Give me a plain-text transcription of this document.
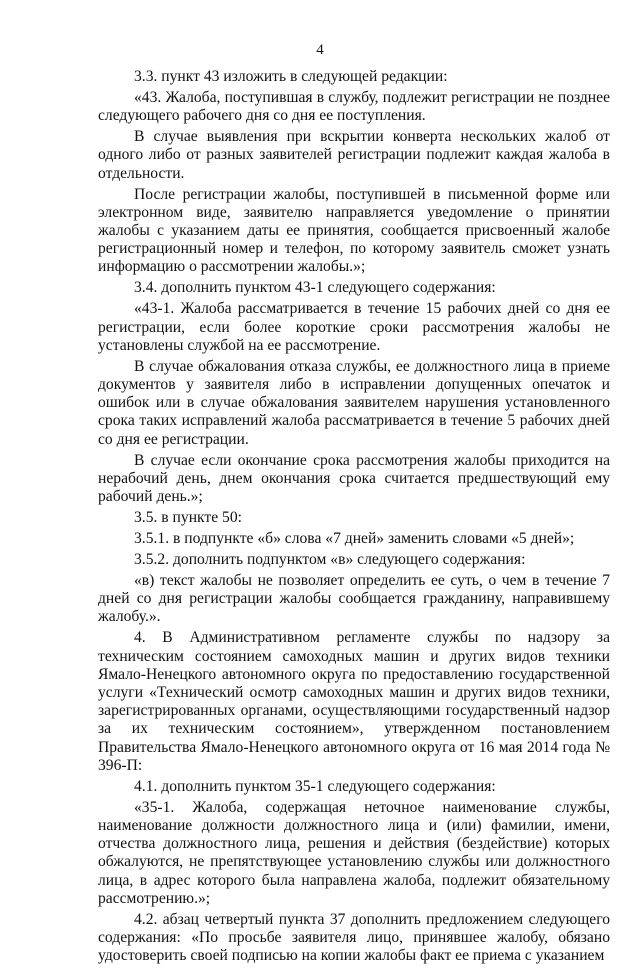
4

3.3. пункт 43 изложить в следующей редакции:

«43. Жалоба, поступившая в службу, подлежит регистрации не позднее следующего рабочего дня со дня ее поступления.

В случае выявления при вскрытии конверта нескольких жалоб от одного либо от разных заявителей регистрации подлежит каждая жалоба в отдельности.

После регистрации жалобы, поступившей в письменной форме или электронном виде, заявителю направляется уведомление о принятии жалобы с указанием даты ее принятия, сообщается присвоенный жалобе регистрационный номер и телефон, по которому заявитель сможет узнать информацию о рассмотрении жалобы.»;

3.4. дополнить пунктом 43-1 следующего содержания:

«43-1. Жалоба рассматривается в течение 15 рабочих дней со дня ее регистрации, если более короткие сроки рассмотрения жалобы не установлены службой на ее рассмотрение.

В случае обжалования отказа службы, ее должностного лица в приеме документов у заявителя либо в исправлении допущенных опечаток и ошибок или в случае обжалования заявителем нарушения установленного срока таких исправлений жалоба рассматривается в течение 5 рабочих дней со дня ее регистрации.

В случае если окончание срока рассмотрения жалобы приходится на нерабочий день, днем окончания срока считается предшествующий ему рабочий день.»;

3.5. в пункте 50:

3.5.1. в подпункте «б» слова «7 дней» заменить словами «5 дней»;

3.5.2. дополнить подпунктом «в» следующего содержания:

«в) текст жалобы не позволяет определить ее суть, о чем в течение 7 дней со дня регистрации жалобы сообщается гражданину, направившему жалобу.».

4. В Административном регламенте службы по надзору за техническим состоянием самоходных машин и других видов техники Ямало-Ненецкого автономного округа по предоставлению государственной услуги «Технический осмотр самоходных машин и других видов техники, зарегистрированных органами, осуществляющими государственный надзор за их техническим состоянием», утвержденном постановлением Правительства Ямало-Ненецкого автономного округа от 16 мая 2014 года № 396-П:

4.1. дополнить пунктом 35-1 следующего содержания:

«35-1. Жалоба, содержащая неточное наименование службы, наименование должности должностного лица и (или) фамилии, имени, отчества должностного лица, решения и действия (бездействие) которых обжалуются, не препятствующее установлению службы или должностного лица, в адрес которого была направлена жалоба, подлежит обязательному рассмотрению.»;

4.2. абзац четвертый пункта 37 дополнить предложением следующего содержания: «По просьбе заявителя лицо, принявшее жалобу, обязано удостоверить своей подписью на копии жалобы факт ее приема с указанием
